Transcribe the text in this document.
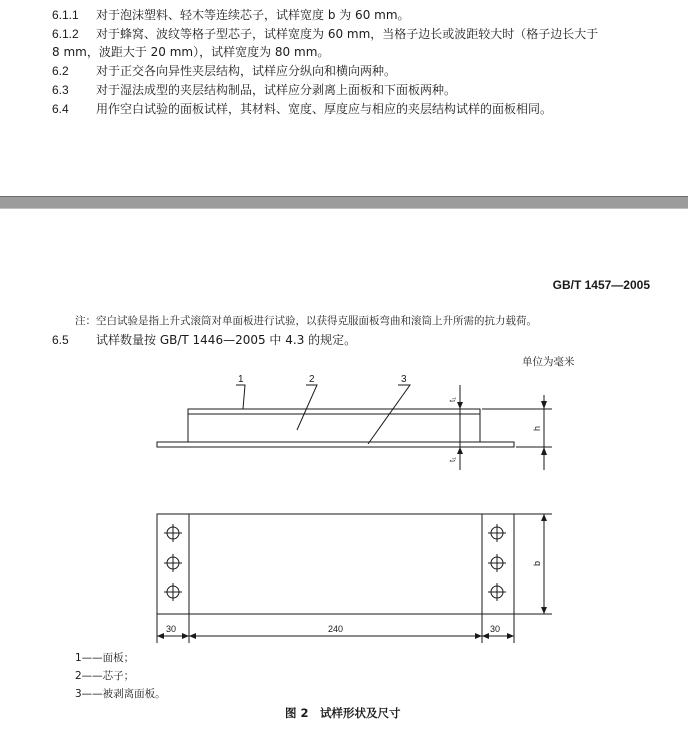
6.1.1 对于泡沫塑料、轻木等连续芯子，试样宽度 b 为 60 mm。
6.1.2 对于蜂窝、波纹等格子型芯子，试样宽度为 60 mm，当格子边长或波距较大时（格子边长大于
8 mm，波距大于 20 mm），试样宽度为 80 mm。
6.2 对于正交各向异性夹层结构，试样应分纵向和横向两种。
6.3 对于湿法成型的夹层结构制品，试样应分剥离上面板和下面板两种。
6.4 用作空白试验的面板试样，其材料、宽度、厚度应与相应的夹层结构试样的面板相同。
GB/T 1457—2005
注：空白试验是指上升式滚筒对单面板进行试验，以获得克服面板弯曲和滚筒上升所需的抗力载荷。
6.5 试样数量按 GB/T 1446—2005 中 4.3 的规定。
单位为毫米
1	2	3
t₁
t₁
h
b
30	240	30
1——面板；
2——芯子；
3——被剥离面板。
图 2　试样形状及尺寸
